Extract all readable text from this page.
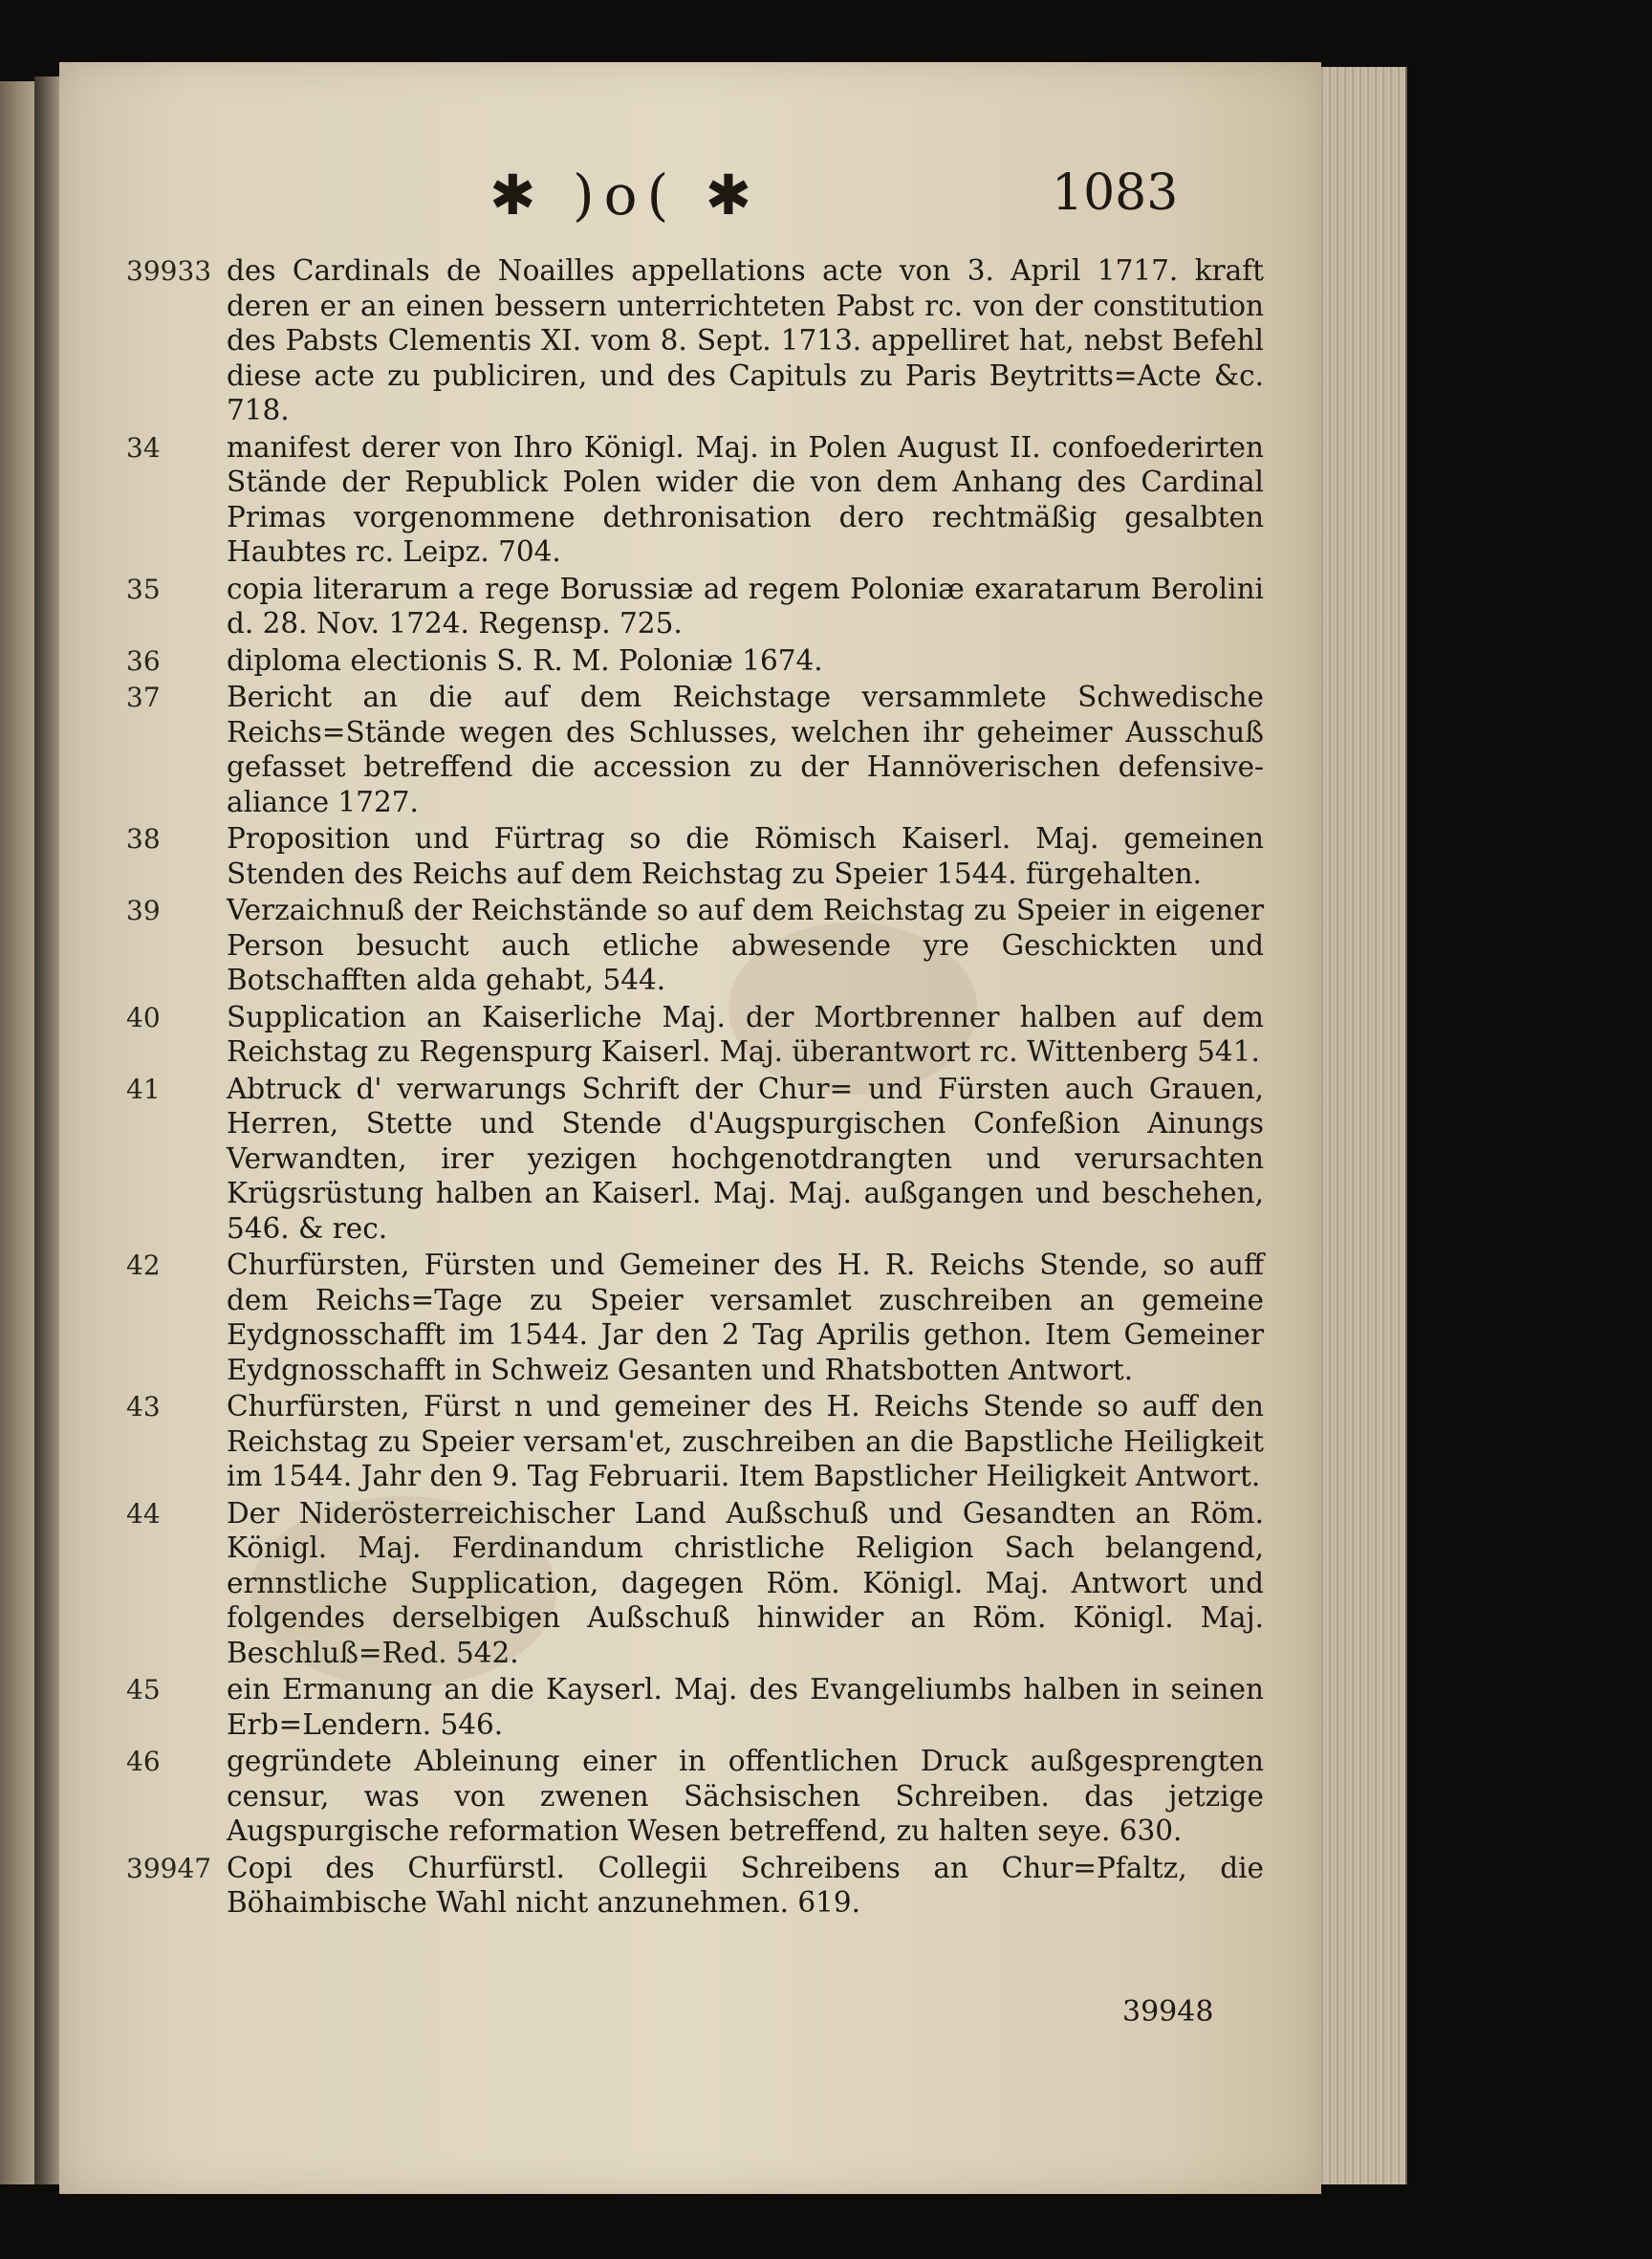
✱ )o( ✱	1083
39933 des Cardinals de Noailles appellations acte von 3. April 1717. kraft deren er an einen bessern unterrichteten Pabst rc. von der constitution des Pabsts Clementis XI. vom 8. Sept. 1713. appelliret hat, nebst Befehl diese acte zu publiciren, und des Capituls zu Paris Beytritts=Acte &c. 718.
34 manifest derer von Ihro Königl. Maj. in Polen August II. confoederirten Stände der Republick Polen wider die von dem Anhang des Cardinal Primas vorgenommene dethronisation dero rechtmäßig gesalbten Haubtes rc. Leipz. 704.
35 copia literarum a rege Borussiæ ad regem Poloniæ exaratarum Berolini d. 28. Nov. 1724. Regensp. 725.
36 diploma electionis S. R. M. Poloniæ 1674.
37 Bericht an die auf dem Reichstage versammlete Schwedische Reichs=Stände wegen des Schlusses, welchen ihr geheimer Ausschuß gefasset betreffend die accession zu der Hannöverischen defensive-aliance 1727.
38 Proposition und Fürtrag so die Römisch Kaiserl. Maj. gemeinen Stenden des Reichs auf dem Reichstag zu Speier 1544. fürgehalten.
39 Verzaichnuß der Reichstände so auf dem Reichstag zu Speier in eigener Person besucht auch etliche abwesende yre Geschickten und Botschafften alda gehabt, 544.
40 Supplication an Kaiserliche Maj. der Mortbrenner halben auf dem Reichstag zu Regenspurg Kaiserl. Maj. überantwort rc. Wittenberg 541.
41 Abtruck d' verwarungs Schrift der Chur= und Fürsten auch Grauen, Herren, Stette und Stende d'Augspurgischen Confeßion Ainungs Verwandten, irer yezigen hochgenotdrangten und verursachten Krügsrüstung halben an Kaiserl. Maj. Maj. außgangen und beschehen, 546. & rec.
42 Churfürsten, Fürsten und Gemeiner des H. R. Reichs Stende, so auff dem Reichs=Tage zu Speier versamlet zuschreiben an gemeine Eydgnosschafft im 1544. Jar den 2 Tag Aprilis gethon. Item Gemeiner Eydgnosschafft in Schweiz Gesanten und Rhatsbotten Antwort.
43 Churfürsten, Fürst n und gemeiner des H. Reichs Stende so auff den Reichstag zu Speier versam'et, zuschreiben an die Bapstliche Heiligkeit im 1544. Jahr den 9. Tag Februarii. Item Bapstlicher Heiligkeit Antwort.
44 Der Niderösterreichischer Land Außschuß und Gesandten an Röm. Königl. Maj. Ferdinandum christliche Religion Sach belangend, ernnstliche Supplication, dagegen Röm. Königl. Maj. Antwort und folgendes derselbigen Außschuß hinwider an Röm. Königl. Maj. Beschluß=Red. 542.
45 ein Ermanung an die Kayserl. Maj. des Evangeliumbs halben in seinen Erb=Lendern. 546.
46 gegründete Ableinung einer in offentlichen Druck außgesprengten censur, was von zwenen Sächsischen Schreiben. das jetzige Augspurgische reformation Wesen betreffend, zu halten seye. 630.
39947 Copi des Churfürstl. Collegii Schreibens an Chur=Pfaltz, die Böhaimbische Wahl nicht anzunehmen. 619.
39948
